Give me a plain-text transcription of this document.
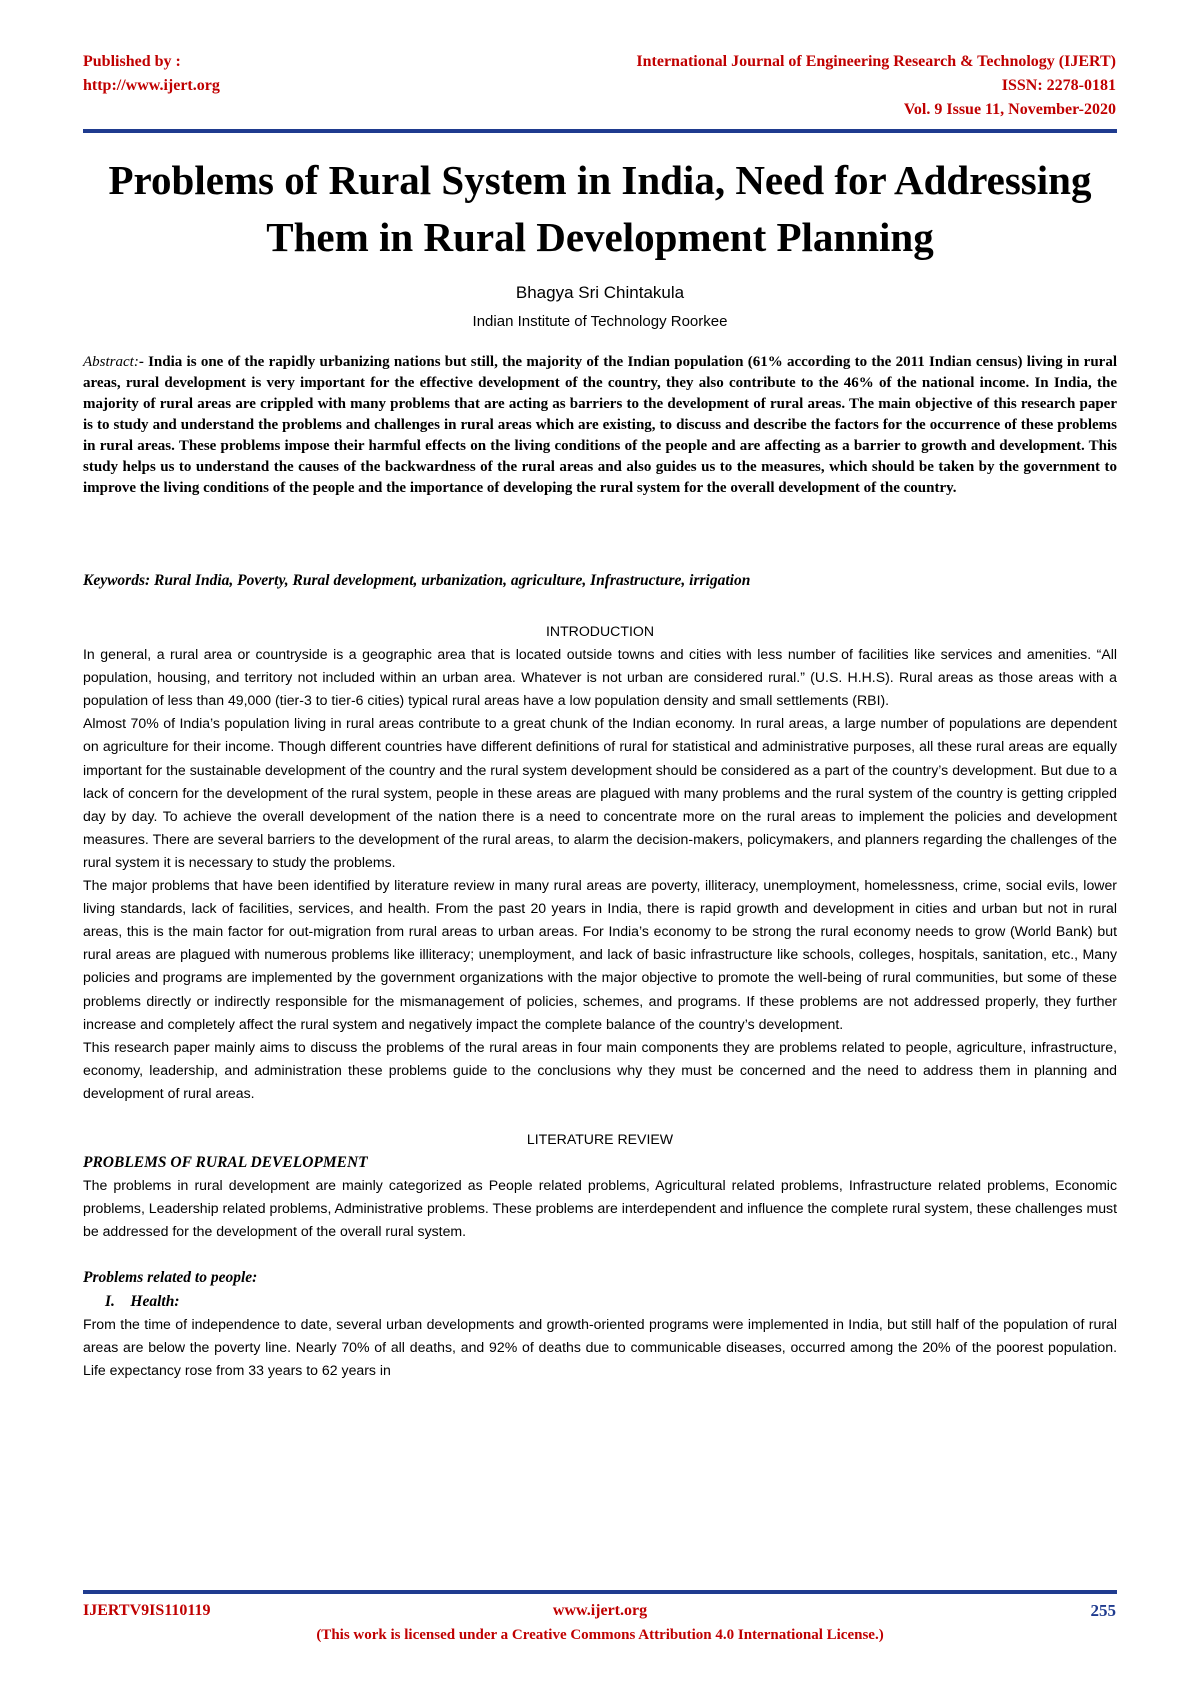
Published by :
http://www.ijert.org
International Journal of Engineering Research & Technology (IJERT)
ISSN: 2278-0181
Vol. 9 Issue 11, November-2020
Problems of Rural System in India, Need for Addressing Them in Rural Development Planning
Bhagya Sri Chintakula
Indian Institute of Technology Roorkee
Abstract:- India is one of the rapidly urbanizing nations but still, the majority of the Indian population (61% according to the 2011 Indian census) living in rural areas, rural development is very important for the effective development of the country, they also contribute to the 46% of the national income. In India, the majority of rural areas are crippled with many problems that are acting as barriers to the development of rural areas. The main objective of this research paper is to study and understand the problems and challenges in rural areas which are existing, to discuss and describe the factors for the occurrence of these problems in rural areas. These problems impose their harmful effects on the living conditions of the people and are affecting as a barrier to growth and development. This study helps us to understand the causes of the backwardness of the rural areas and also guides us to the measures, which should be taken by the government to improve the living conditions of the people and the importance of developing the rural system for the overall development of the country.
Keywords: Rural India, Poverty, Rural development, urbanization, agriculture, Infrastructure, irrigation

INTRODUCTION

In general, a rural area or countryside is a geographic area that is located outside towns and cities with less number of facilities like services and amenities. “All population, housing, and territory not included within an urban area. Whatever is not urban are considered rural.” (U.S. H.H.S). Rural areas as those areas with a population of less than 49,000 (tier-3 to tier-6 cities) typical rural areas have a low population density and small settlements (RBI).

Almost 70% of India’s population living in rural areas contribute to a great chunk of the Indian economy. In rural areas, a large number of populations are dependent on agriculture for their income. Though different countries have different definitions of rural for statistical and administrative purposes, all these rural areas are equally important for the sustainable development of the country and the rural system development should be considered as a part of the country’s development. But due to a lack of concern for the development of the rural system, people in these areas are plagued with many problems and the rural system of the country is getting crippled day by day. To achieve the overall development of the nation there is a need to concentrate more on the rural areas to implement the policies and development measures. There are several barriers to the development of the rural areas, to alarm the decision-makers, policymakers, and planners regarding the challenges of the rural system it is necessary to study the problems.

The major problems that have been identified by literature review in many rural areas are poverty, illiteracy, unemployment, homelessness, crime, social evils, lower living standards, lack of facilities, services, and health. From the past 20 years in India, there is rapid growth and development in cities and urban but not in rural areas, this is the main factor for out-migration from rural areas to urban areas. For India’s economy to be strong the rural economy needs to grow (World Bank) but rural areas are plagued with numerous problems like illiteracy; unemployment, and lack of basic infrastructure like schools, colleges, hospitals, sanitation, etc., Many policies and programs are implemented by the government organizations with the major objective to promote the well-being of rural communities, but some of these problems directly or indirectly responsible for the mismanagement of policies, schemes, and programs. If these problems are not addressed properly, they further increase and completely affect the rural system and negatively impact the complete balance of the country’s development.

This research paper mainly aims to discuss the problems of the rural areas in four main components they are problems related to people, agriculture, infrastructure, economy, leadership, and administration these problems guide to the conclusions why they must be concerned and the need to address them in planning and development of rural areas.

LITERATURE REVIEW

PROBLEMS OF RURAL DEVELOPMENT

The problems in rural development are mainly categorized as People related problems, Agricultural related problems, Infrastructure related problems, Economic problems, Leadership related problems, Administrative problems. These problems are interdependent and influence the complete rural system, these challenges must be addressed for the development of the overall rural system.

Problems related to people:

I.    Health:

From the time of independence to date, several urban developments and growth-oriented programs were implemented in India, but still half of the population of rural areas are below the poverty line. Nearly 70% of all deaths, and 92% of deaths due to communicable diseases, occurred among the 20% of the poorest population. Life expectancy rose from 33 years to 62 years in

IJERTV9IS110119	www.ijert.org	255
(This work is licensed under a Creative Commons Attribution 4.0 International License.)
